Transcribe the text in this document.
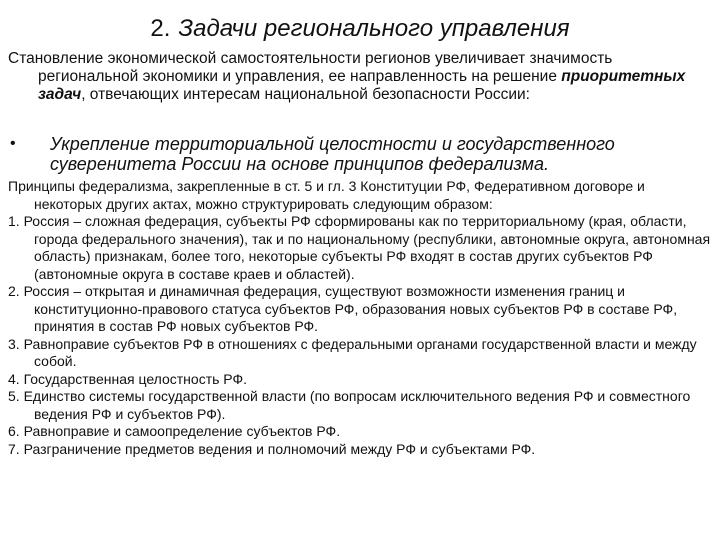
2. Задачи регионального управления

Становление экономической самостоятельности регионов увеличивает значимость региональной экономики и управления, ее направленность на решение приоритетных задач, отвечающих интересам национальной безопасности России:

•	Укрепление территориальной целостности и государственного суверенитета России на основе принципов федерализма.

Принципы федерализма, закрепленные в ст. 5 и гл. 3 Конституции РФ, Федеративном договоре и некоторых других актах, можно структурировать следующим образом:

1. Россия – сложная федерация, субъекты РФ сформированы как по территориальному (края, области, города федерального значения), так и по национальному (республики, автономные округа, автономная область) признакам, более того, некоторые субъекты РФ входят в состав других субъектов РФ (автономные округа в составе краев и областей).

2. Россия – открытая и динамичная федерация, существуют возможности изменения границ и конституционно-правового статуса субъектов РФ, образования новых субъектов РФ в составе РФ, принятия в состав РФ новых субъектов РФ.

3. Равноправие субъектов РФ в отношениях с федеральными органами государственной власти и между собой.

4. Государственная целостность РФ.

5. Единство системы государственной власти (по вопросам исключительного ведения РФ и совместного ведения РФ и субъектов РФ).

6. Равноправие и самоопределение субъектов РФ.

7. Разграничение предметов ведения и полномочий между РФ и субъектами РФ.
